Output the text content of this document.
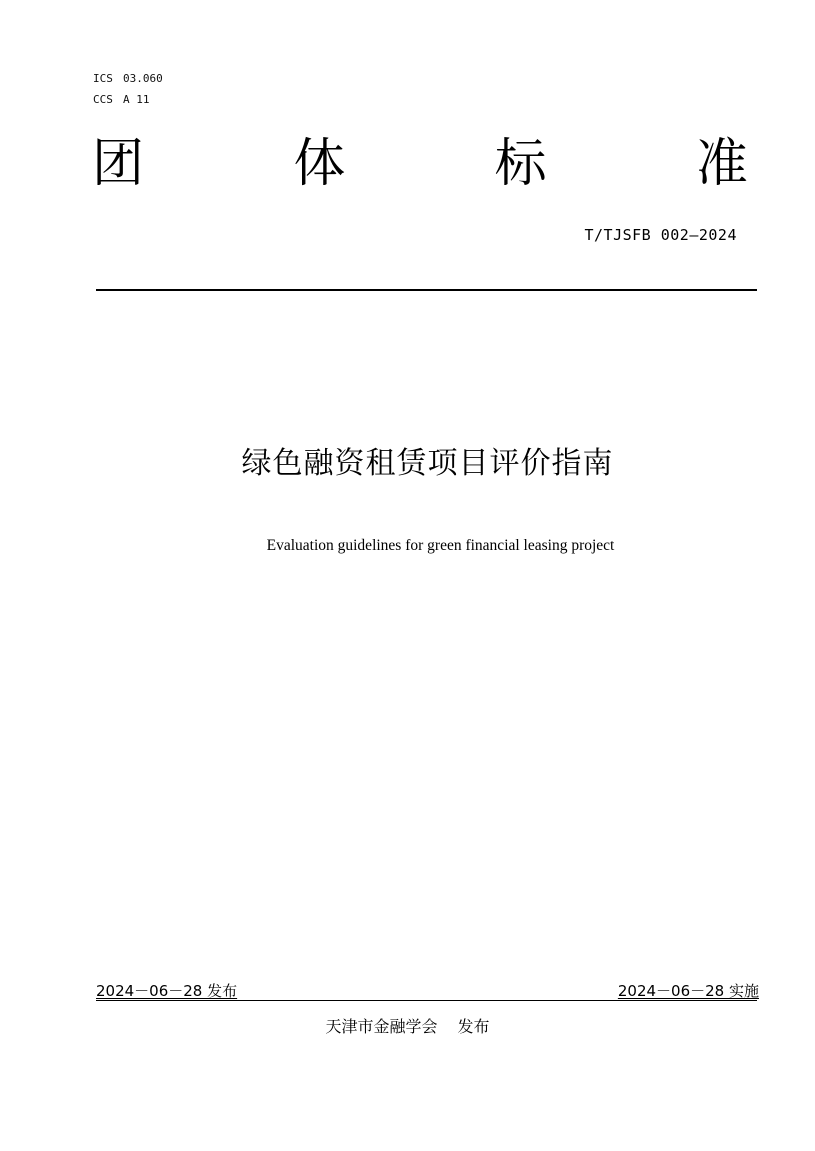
ICS 03.060
CCS A 11
团	体	标	准
T/TJSFB 002—2024
绿色融资租赁项目评价指南
Evaluation guidelines for green financial leasing project
2024－06－28 发布	2024－06－28 实施
天津市金融学会 发布
